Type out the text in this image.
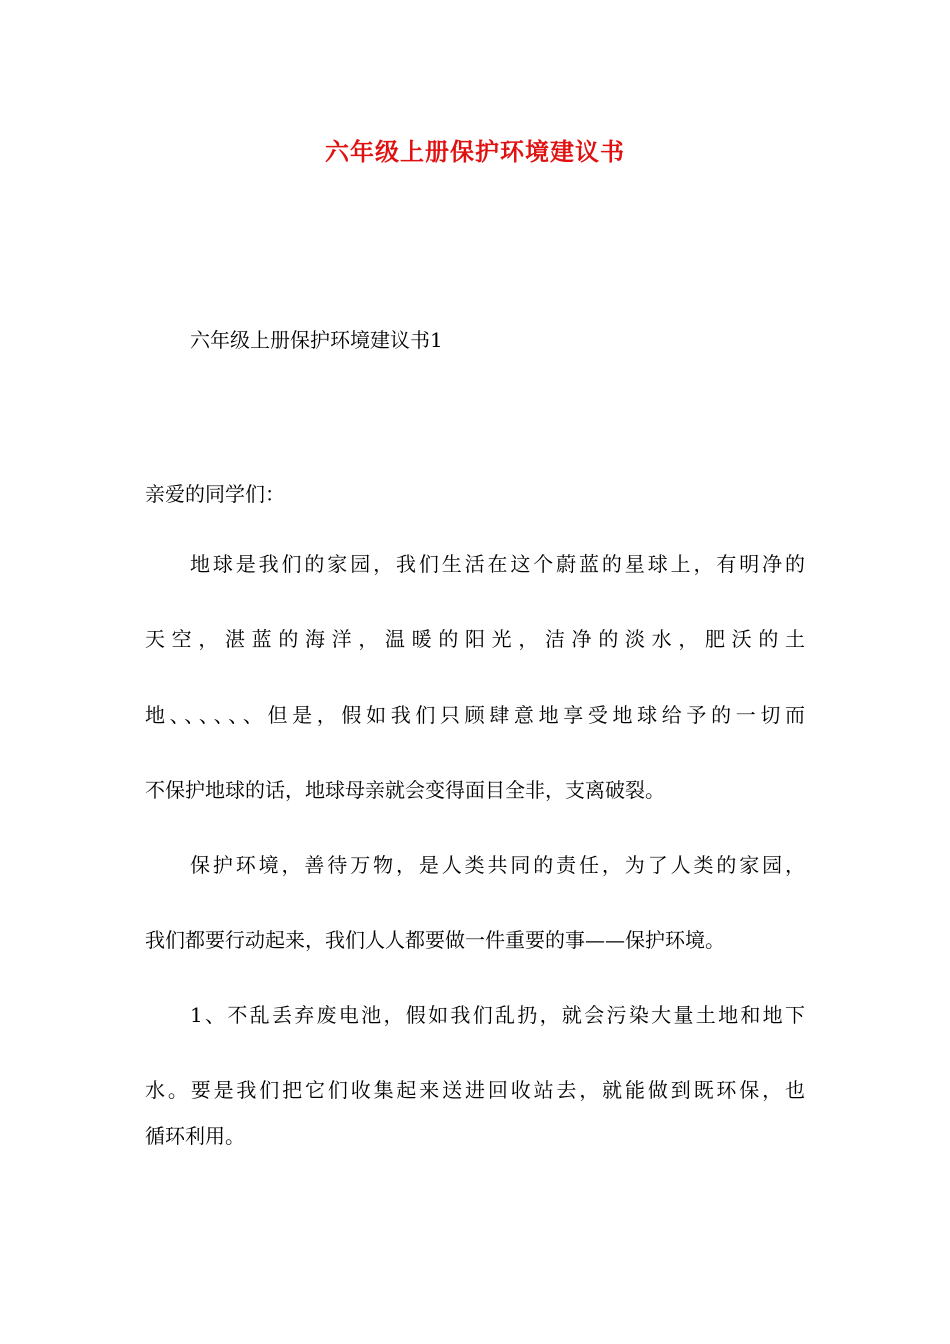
六年级上册保护环境建议书
六年级上册保护环境建议书1
亲爱的同学们：
地球是我们的家园，我们生活在这个蔚蓝的星球上，有明净的
天空，湛蓝的海洋，温暖的阳光，洁净的淡水，肥沃的土
地、、、、、、但是，假如我们只顾肆意地享受地球给予的一切而
不保护地球的话，地球母亲就会变得面目全非，支离破裂。
保护环境，善待万物，是人类共同的责任，为了人类的家园，
我们都要行动起来，我们人人都要做一件重要的事——保护环境。
1、不乱丢弃废电池，假如我们乱扔，就会污染大量土地和地下
水。要是我们把它们收集起来送进回收站去，就能做到既环保，也
循环利用。
